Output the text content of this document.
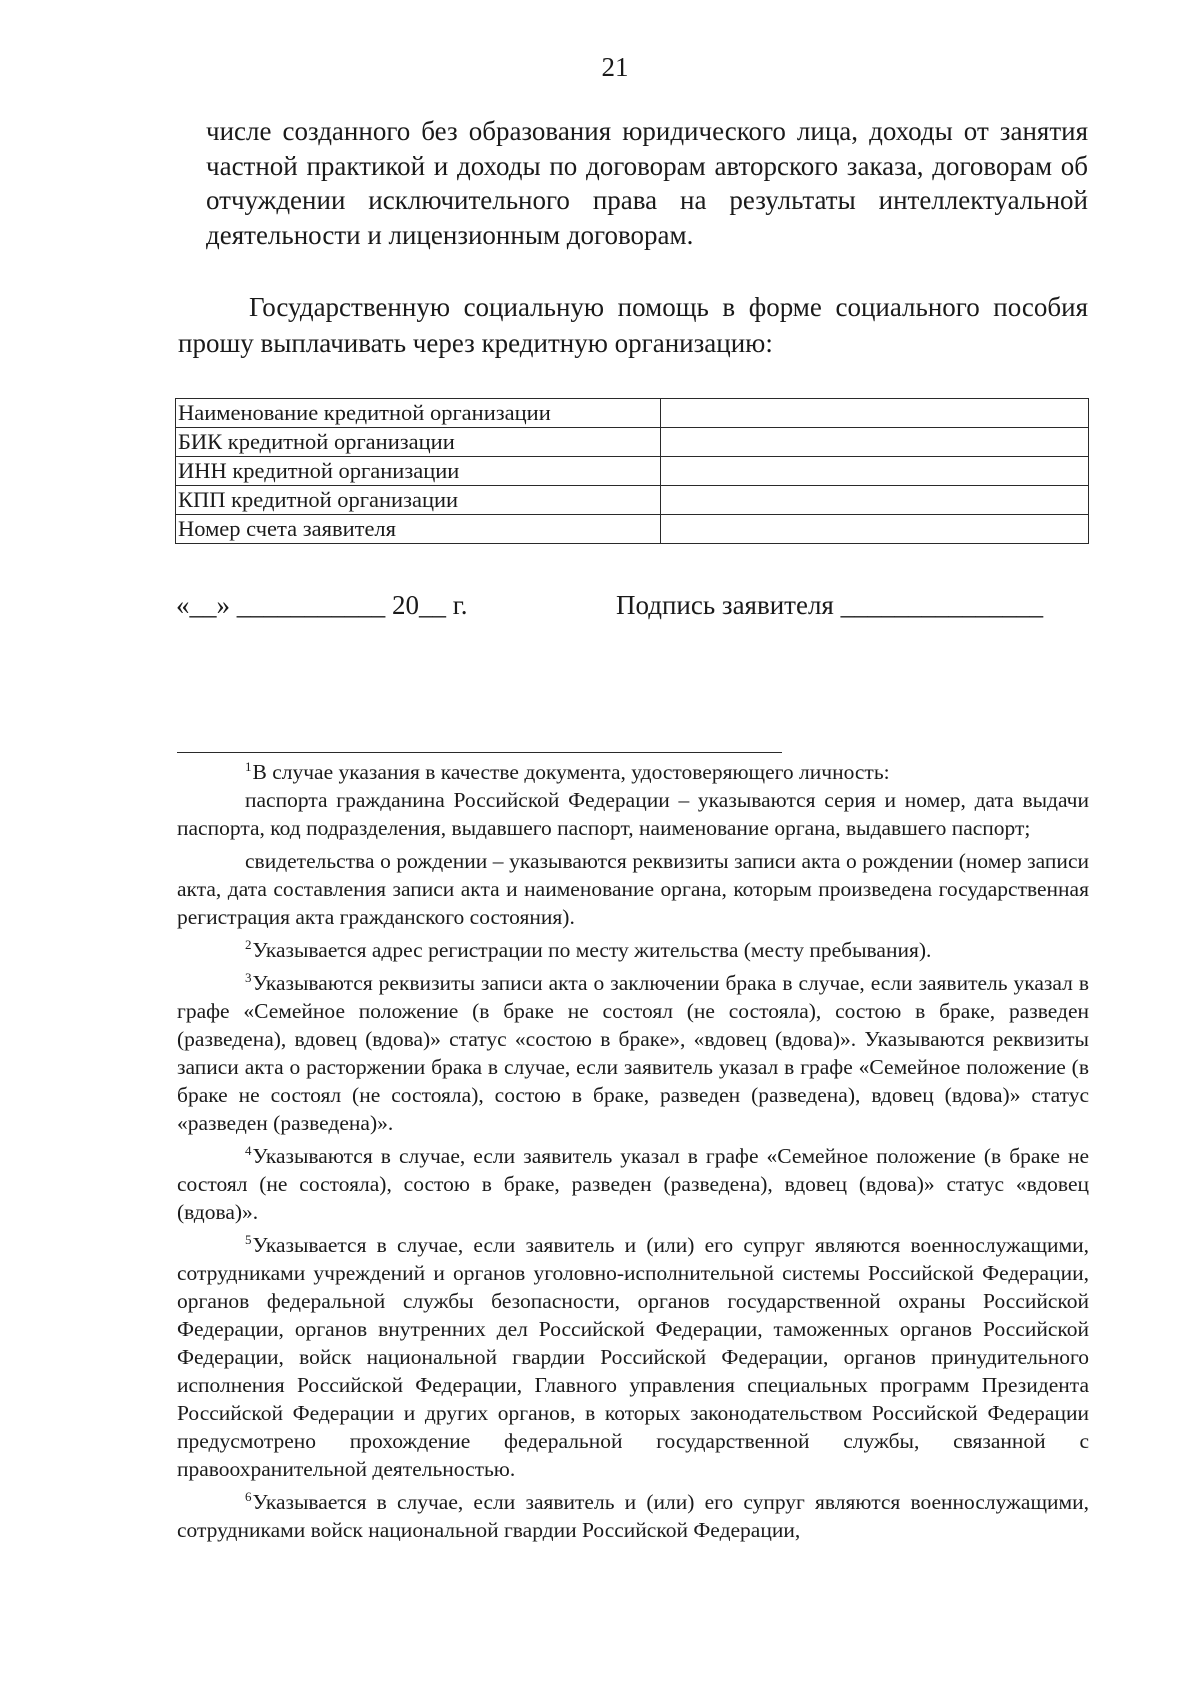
21
числе созданного без образования юридического лица, доходы от занятия частной практикой и доходы по договорам авторского заказа, договорам об отчуждении исключительного права на результаты интеллектуальной деятельности и лицензионным договорам.
Государственную социальную помощь в форме социального пособия прошу выплачивать через кредитную организацию:
Наименование кредитной организации	
БИК кредитной организации	
ИНН кредитной организации	
КПП кредитной организации	
Номер счета заявителя	
«__» ___________ 20__ г.	Подпись заявителя _______________

$^1$В случае указания в качестве документа, удостоверяющего личность:

паспорта гражданина Российской Федерации – указываются серия и номер, дата выдачи паспорта, код подразделения, выдавшего паспорт, наименование органа, выдавшего паспорт;

свидетельства о рождении – указываются реквизиты записи акта о рождении (номер записи акта, дата составления записи акта и наименование органа, которым произведена государственная регистрация акта гражданского состояния).

$^2$Указывается адрес регистрации по месту жительства (месту пребывания).

$^3$Указываются реквизиты записи акта о заключении брака в случае, если заявитель указал в графе «Семейное положение (в браке не состоял (не состояла), состою в браке, разведен (разведена), вдовец (вдова)» статус «состою в браке», «вдовец (вдова)». Указываются реквизиты записи акта о расторжении брака в случае, если заявитель указал в графе «Семейное положение (в браке не состоял (не состояла), состою в браке, разведен (разведена), вдовец (вдова)» статус «разведен (разведена)».

$^4$Указываются в случае, если заявитель указал в графе «Семейное положение (в браке не состоял (не состояла), состою в браке, разведен (разведена), вдовец (вдова)» статус «вдовец (вдова)».

$^5$Указывается в случае, если заявитель и (или) его супруг являются военнослужащими, сотрудниками учреждений и органов уголовно-исполнительной системы Российской Федерации, органов федеральной службы безопасности, органов государственной охраны Российской Федерации, органов внутренних дел Российской Федерации, таможенных органов Российской Федерации, войск национальной гвардии Российской Федерации, органов принудительного исполнения Российской Федерации, Главного управления специальных программ Президента Российской Федерации и других органов, в которых законодательством Российской Федерации предусмотрено прохождение федеральной государственной службы, связанной с правоохранительной деятельностью.

$^6$Указывается в случае, если заявитель и (или) его супруг являются военнослужащими, сотрудниками войск национальной гвардии Российской Федерации,
